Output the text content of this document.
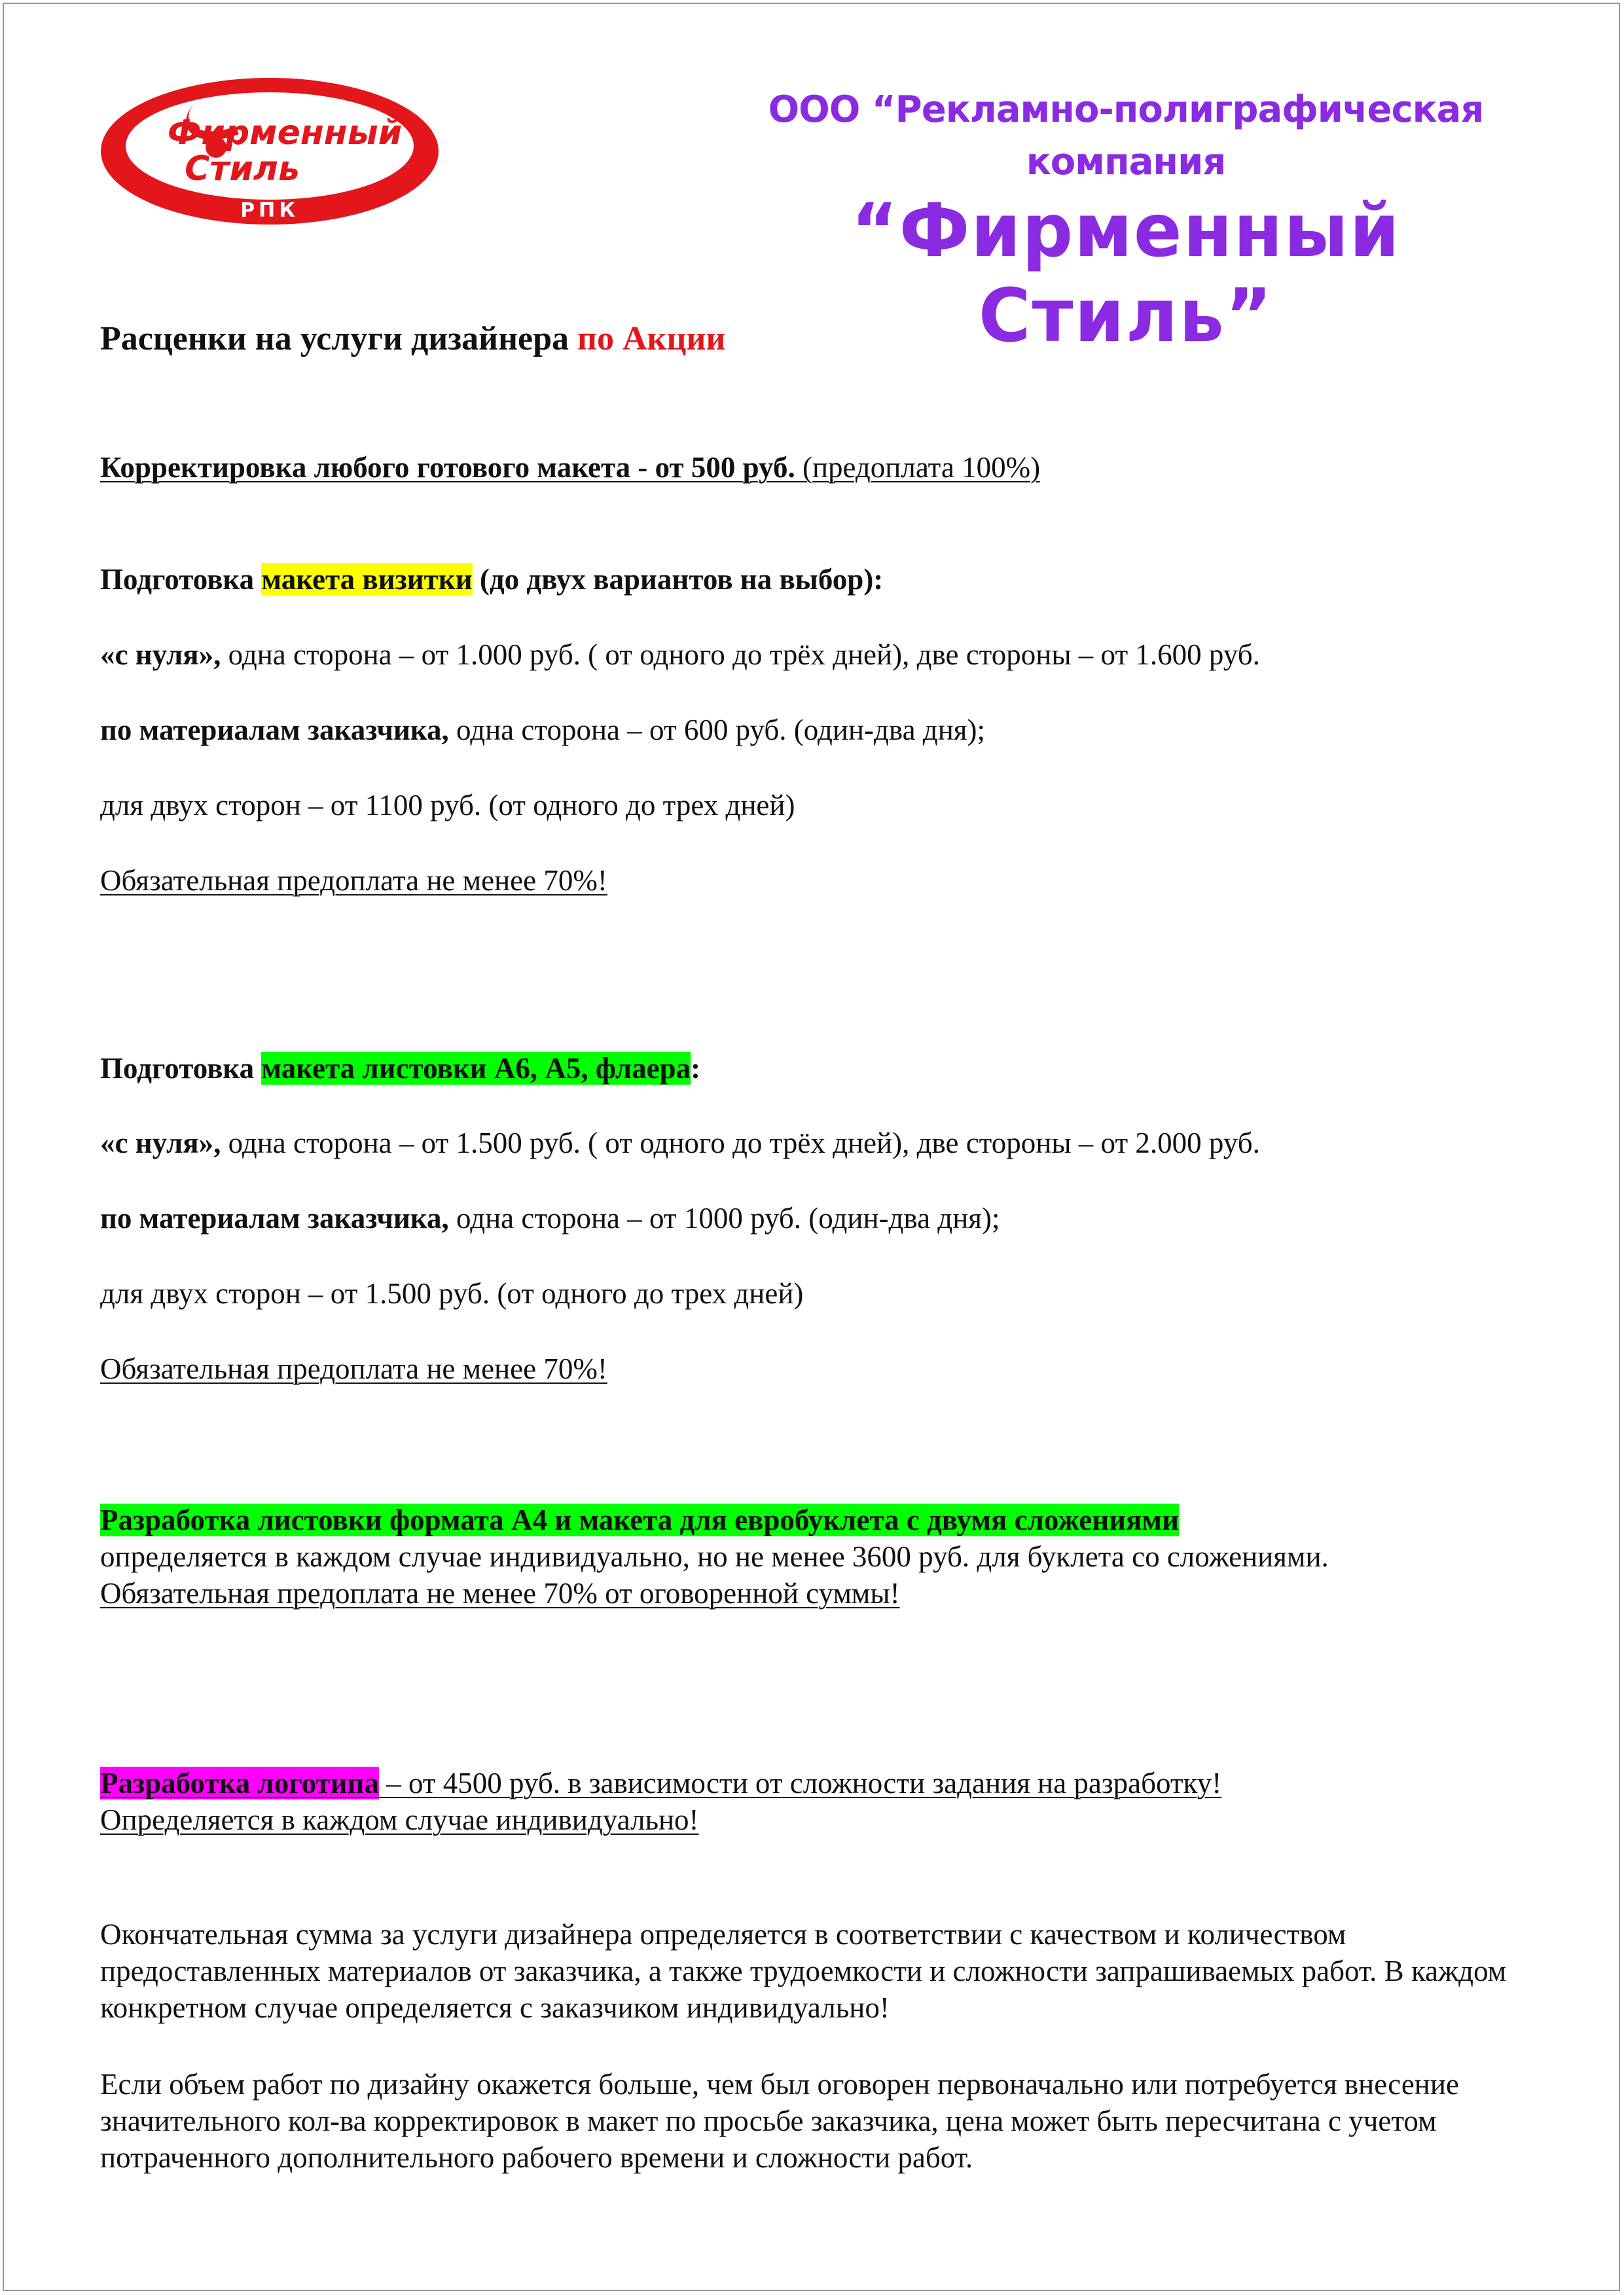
Фирменный
Стиль
РПК
ООО “Рекламно-полиграфическая компания
“Фирменный Стиль”
Расценки на услуги дизайнера по Акции
Корректировка любого готового макета - от 500 руб. (предоплата 100%)
Подготовка макета визитки (до двух вариантов на выбор):
«с нуля», одна сторона – от 1.000 руб. ( от одного до трёх дней), две стороны – от 1.600 руб.
по материалам заказчика, одна сторона – от 600 руб. (один-два дня);
для двух сторон – от 1100 руб. (от одного до трех дней)
Обязательная предоплата не менее 70%!
Подготовка макета листовки А6, А5, флаера:
«с нуля», одна сторона – от 1.500 руб. ( от одного до трёх дней), две стороны – от 2.000 руб.
по материалам заказчика, одна сторона – от 1000 руб. (один-два дня);
для двух сторон – от 1.500 руб. (от одного до трех дней)
Обязательная предоплата не менее 70%!
Разработка листовки формата А4 и макета для евробуклета с двумя сложениями
определяется в каждом случае индивидуально, но не менее 3600 руб. для буклета со сложениями.
Обязательная предоплата не менее 70% от оговоренной суммы!
Разработка логотипа – от 4500 руб. в зависимости от сложности задания на разработку!
Определяется в каждом случае индивидуально!
Окончательная сумма за услуги дизайнера определяется в соответствии с качеством и количеством предоставленных материалов от заказчика, а также трудоемкости и сложности запрашиваемых работ. В каждом конкретном случае определяется с заказчиком индивидуально!
Если объем работ по дизайну окажется больше, чем был оговорен первоначально или потребуется внесение значительного кол-ва корректировок в макет по просьбе заказчика, цена может быть пересчитана с учетом потраченного дополнительного рабочего времени и сложности работ.
